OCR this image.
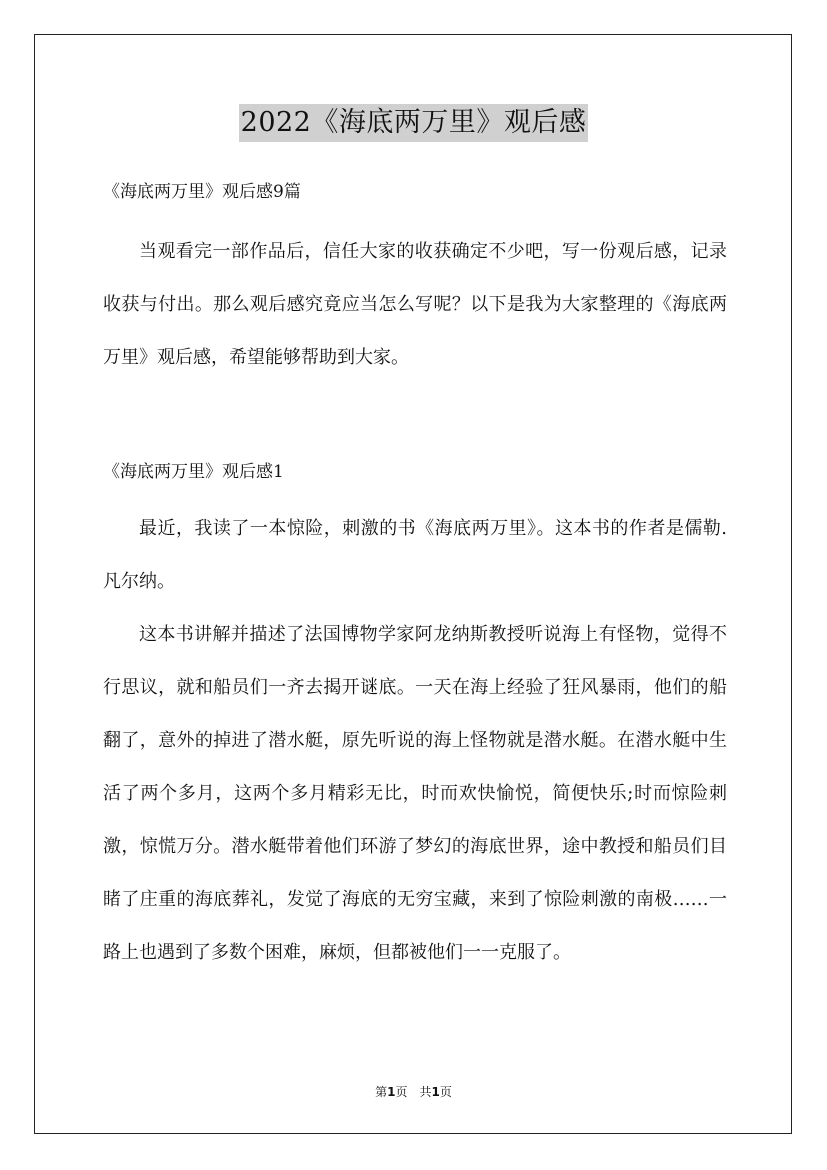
2022《海底两万里》观后感

《海底两万里》观后感9篇

当观看完一部作品后，信任大家的收获确定不少吧，写一份观后感，记录收获与付出。那么观后感究竟应当怎么写呢？以下是我为大家整理的《海底两万里》观后感，希望能够帮助到大家。

《海底两万里》观后感1

最近，我读了一本惊险，刺激的书《海底两万里》。这本书的作者是儒勒.凡尔纳。

这本书讲解并描述了法国博物学家阿龙纳斯教授听说海上有怪物，觉得不行思议，就和船员们一齐去揭开谜底。一天在海上经验了狂风暴雨，他们的船翻了，意外的掉进了潜水艇，原先听说的海上怪物就是潜水艇。在潜水艇中生活了两个多月，这两个多月精彩无比，时而欢快愉悦，简便快乐;时而惊险刺激，惊慌万分。潜水艇带着他们环游了梦幻的海底世界，途中教授和船员们目睹了庄重的海底葬礼，发觉了海底的无穷宝藏，来到了惊险刺激的南极……一路上也遇到了多数个困难，麻烦，但都被他们一一克服了。

第1页 共1页
